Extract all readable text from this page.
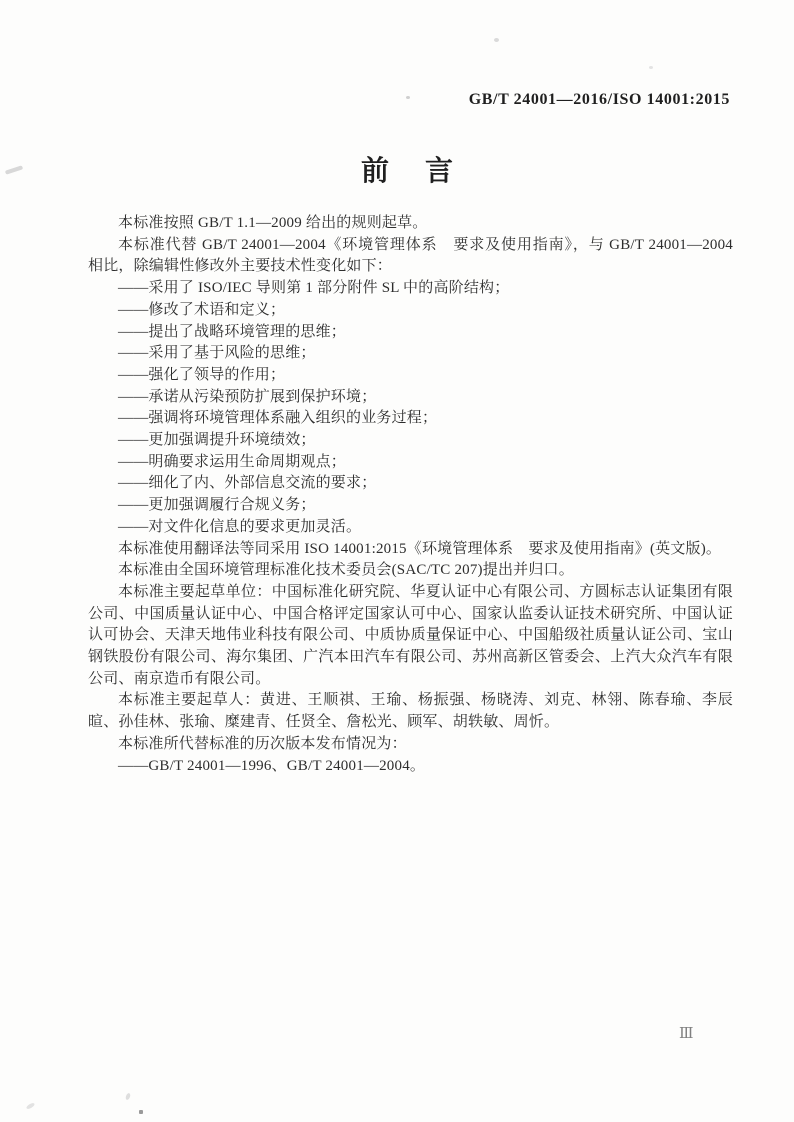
GB/T 24001—2016/ISO 14001:2015
前　言

本标准按照 GB/T 1.1—2009 给出的规则起草。

本标准代替 GB/T 24001—2004《环境管理体系　要求及使用指南》，与 GB/T 24001—2004 相比，除编辑性修改外主要技术性变化如下：

——采用了 ISO/IEC 导则第 1 部分附件 SL 中的高阶结构；

——修改了术语和定义；

——提出了战略环境管理的思维；

——采用了基于风险的思维；

——强化了领导的作用；

——承诺从污染预防扩展到保护环境；

——强调将环境管理体系融入组织的业务过程；

——更加强调提升环境绩效；

——明确要求运用生命周期观点；

——细化了内、外部信息交流的要求；

——更加强调履行合规义务；

——对文件化信息的要求更加灵活。

本标准使用翻译法等同采用 ISO 14001:2015《环境管理体系　要求及使用指南》(英文版)。

本标准由全国环境管理标准化技术委员会(SAC/TC 207)提出并归口。

本标准主要起草单位：中国标准化研究院、华夏认证中心有限公司、方圆标志认证集团有限公司、中国质量认证中心、中国合格评定国家认可中心、国家认监委认证技术研究所、中国认证认可协会、天津天地伟业科技有限公司、中质协质量保证中心、中国船级社质量认证公司、宝山钢铁股份有限公司、海尔集团、广汽本田汽车有限公司、苏州高新区管委会、上汽大众汽车有限公司、南京造币有限公司。

本标准主要起草人：黄进、王顺祺、王瑜、杨振强、杨晓涛、刘克、林翎、陈春瑜、李辰暄、孙佳林、张瑜、糜建青、任贤全、詹松光、顾军、胡轶敏、周忻。

本标准所代替标准的历次版本发布情况为：

——GB/T 24001—1996、GB/T 24001—2004。

Ⅲ
